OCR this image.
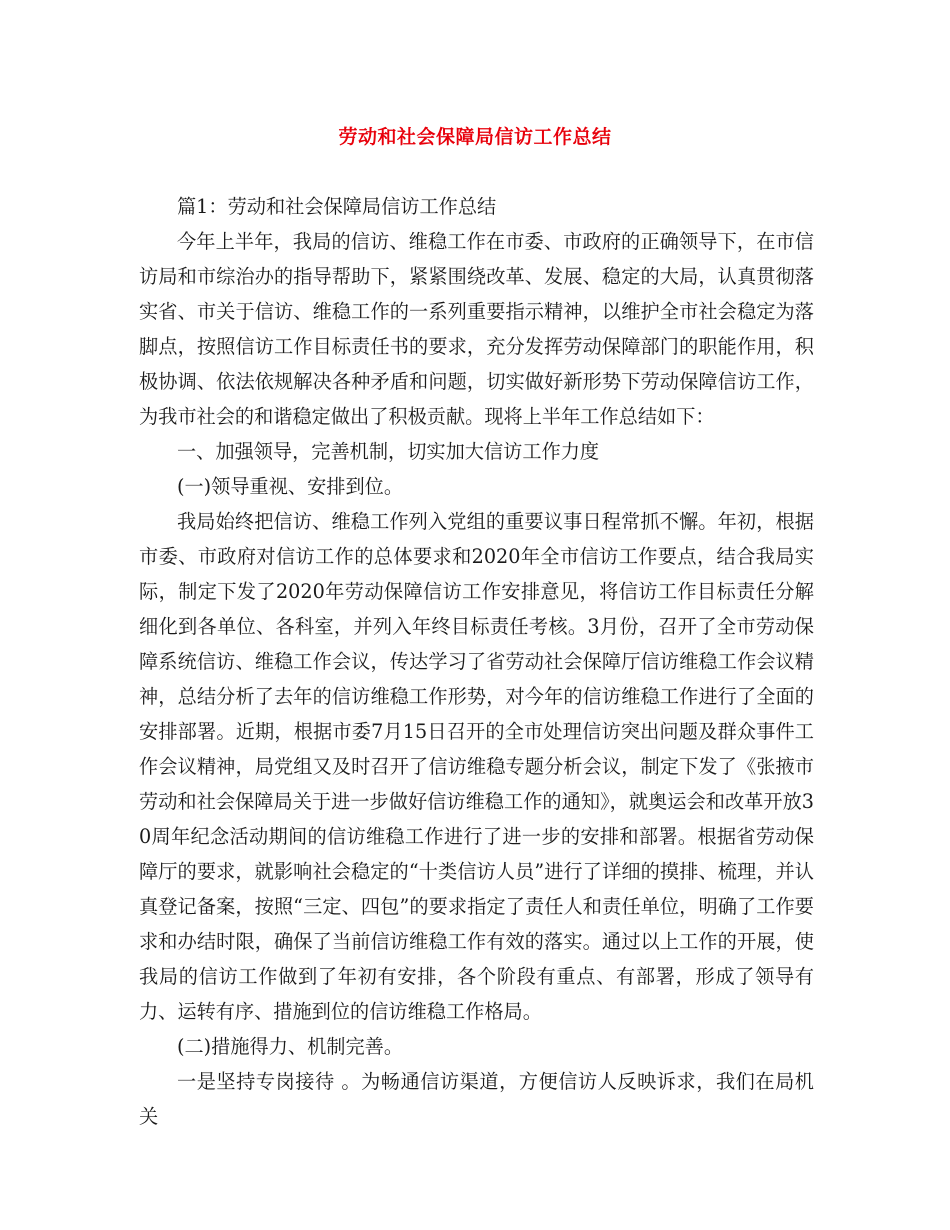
劳动和社会保障局信访工作总结

篇1：劳动和社会保障局信访工作总结

今年上半年，我局的信访、维稳工作在市委、市政府的正确领导下，在市信访局和市综治办的指导帮助下，紧紧围绕改革、发展、稳定的大局，认真贯彻落实省、市关于信访、维稳工作的一系列重要指示精神，以维护全市社会稳定为落脚点，按照信访工作目标责任书的要求，充分发挥劳动保障部门的职能作用，积极协调、依法依规解决各种矛盾和问题，切实做好新形势下劳动保障信访工作，为我市社会的和谐稳定做出了积极贡献。现将上半年工作总结如下：

一、加强领导，完善机制，切实加大信访工作力度

(一)领导重视、安排到位。

我局始终把信访、维稳工作列入党组的重要议事日程常抓不懈。年初，根据市委、市政府对信访工作的总体要求和2020年全市信访工作要点，结合我局实际，制定下发了2020年劳动保障信访工作安排意见，将信访工作目标责任分解细化到各单位、各科室，并列入年终目标责任考核。3月份，召开了全市劳动保障系统信访、维稳工作会议，传达学习了省劳动社会保障厅信访维稳工作会议精神，总结分析了去年的信访维稳工作形势，对今年的信访维稳工作进行了全面的安排部署。近期，根据市委7月15日召开的全市处理信访突出问题及群众事件工作会议精神，局党组又及时召开了信访维稳专题分析会议，制定下发了《张掖市劳动和社会保障局关于进一步做好信访维稳工作的通知》，就奥运会和改革开放30周年纪念活动期间的信访维稳工作进行了进一步的安排和部署。根据省劳动保障厅的要求，就影响社会稳定的“十类信访人员”进行了详细的摸排、梳理，并认真登记备案，按照“三定、四包”的要求指定了责任人和责任单位，明确了工作要求和办结时限，确保了当前信访维稳工作有效的落实。通过以上工作的开展，使我局的信访工作做到了年初有安排，各个阶段有重点、有部署，形成了领导有力、运转有序、措施到位的信访维稳工作格局。

(二)措施得力、机制完善。

一是坚持专岗接待 。为畅通信访渠道，方便信访人反映诉求，我们在局机关
